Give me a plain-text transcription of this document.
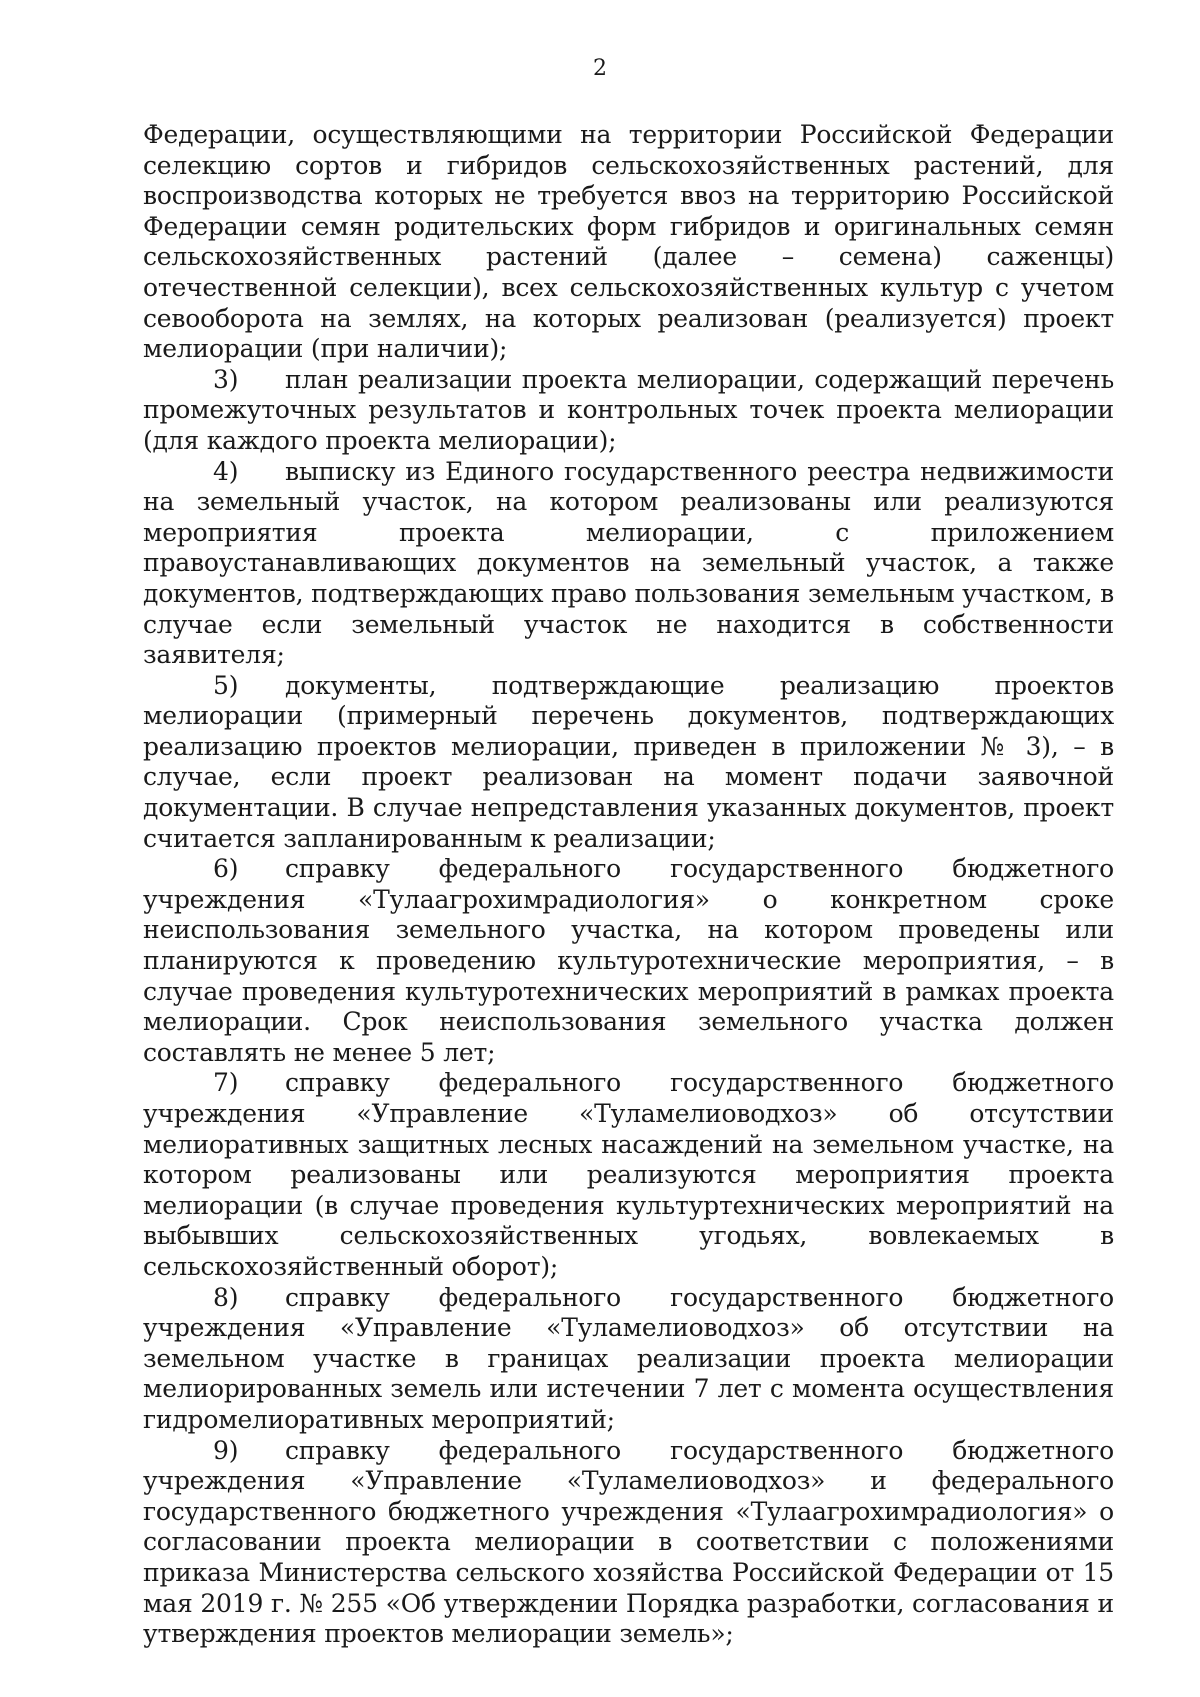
2

Федерации, осуществляющими на территории Российской Федерации селекцию сортов и гибридов сельскохозяйственных растений, для воспроизводства которых не требуется ввоз на территорию Российской Федерации семян родительских форм гибридов и оригинальных семян сельскохозяйственных растений (далее – семена) саженцы) отечественной селекции), всех сельскохозяйственных культур с учетом севооборота на землях, на которых реализован (реализуется) проект мелиорации (при наличии);

3) план реализации проекта мелиорации, содержащий перечень промежуточных результатов и контрольных точек проекта мелиорации (для каждого проекта мелиорации);

4) выписку из Единого государственного реестра недвижимости на земельный участок, на котором реализованы или реализуются мероприятия проекта мелиорации, с приложением правоустанавливающих документов на земельный участок, а также документов, подтверждающих право пользования земельным участком, в случае если земельный участок не находится в собственности заявителя;

5) документы, подтверждающие реализацию проектов мелиорации (примерный перечень документов, подтверждающих реализацию проектов мелиорации, приведен в приложении № 3), – в случае, если проект реализован на момент подачи заявочной документации. В случае непредставления указанных документов, проект считается запланированным к реализации;

6) справку федерального государственного бюджетного учреждения «Тулаагрохимрадиология» о конкретном сроке неиспользования земельного участка, на котором проведены или планируются к проведению культуротехнические мероприятия, – в случае проведения культуротехнических мероприятий в рамках проекта мелиорации. Срок неиспользования земельного участка должен составлять не менее 5 лет;

7) справку федерального государственного бюджетного учреждения «Управление «Туламелиоводхоз» об отсутствии мелиоративных защитных лесных насаждений на земельном участке, на котором реализованы или реализуются мероприятия проекта мелиорации (в случае проведения культуртехнических мероприятий на выбывших сельскохозяйственных угодьях, вовлекаемых в сельскохозяйственный оборот);

8) справку федерального государственного бюджетного учреждения «Управление «Туламелиоводхоз» об отсутствии на земельном участке в границах реализации проекта мелиорации мелиорированных земель или истечении 7 лет с момента осуществления гидромелиоративных мероприятий;

9) справку федерального государственного бюджетного учреждения «Управление «Туламелиоводхоз» и федерального государственного бюджетного учреждения «Тулаагрохимрадиология» о согласовании проекта мелиорации в соответствии с положениями приказа Министерства сельского хозяйства Российской Федерации от 15 мая 2019 г. № 255 «Об утверждении Порядка разработки, согласования и утверждения проектов мелиорации земель»;
